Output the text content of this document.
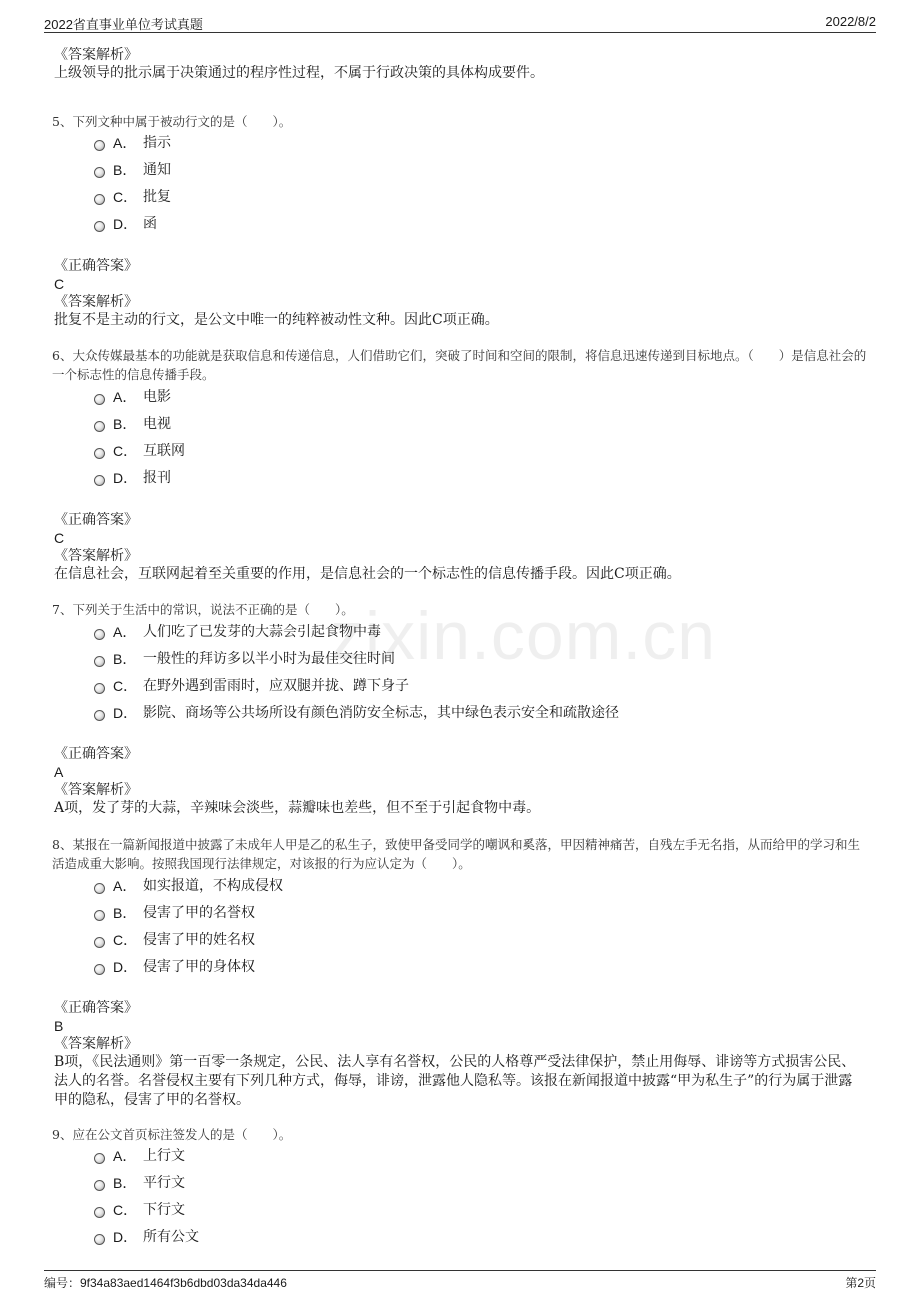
2022省直事业单位考试真题	2022/8/2
zixin.com.cn
《答案解析》
上级领导的批示属于决策通过的程序性过程，不属于行政决策的具体构成要件。
5、下列文种中属于被动行文的是（　　）。
A． 指示
B． 通知
C． 批复
D． 函
《正确答案》
C
《答案解析》
批复不是主动的行文，是公文中唯一的纯粹被动性文种。因此C项正确。
6、大众传媒最基本的功能就是获取信息和传递信息，人们借助它们，突破了时间和空间的限制，将信息迅速传递到目标地点。（　　）是信息社会的一个标志性的信息传播手段。
A． 电影
B． 电视
C． 互联网
D． 报刊
《正确答案》
C
《答案解析》
在信息社会，互联网起着至关重要的作用，是信息社会的一个标志性的信息传播手段。因此C项正确。
7、下列关于生活中的常识，说法不正确的是（　　）。
A． 人们吃了已发芽的大蒜会引起食物中毒
B． 一般性的拜访多以半小时为最佳交往时间
C． 在野外遇到雷雨时，应双腿并拢、蹲下身子
D． 影院、商场等公共场所设有颜色消防安全标志，其中绿色表示安全和疏散途径
《正确答案》
A
《答案解析》
A项，发了芽的大蒜，辛辣味会淡些，蒜瓣味也差些，但不至于引起食物中毒。
8、某报在一篇新闻报道中披露了未成年人甲是乙的私生子，致使甲备受同学的嘲讽和奚落，甲因精神痛苦，自残左手无名指，从而给甲的学习和生活造成重大影响。按照我国现行法律规定，对该报的行为应认定为（　　）。
A． 如实报道，不构成侵权
B． 侵害了甲的名誉权
C． 侵害了甲的姓名权
D． 侵害了甲的身体权
《正确答案》
B
《答案解析》
B项，《民法通则》第一百零一条规定，公民、法人享有名誉权，公民的人格尊严受法律保护，禁止用侮辱、诽谤等方式损害公民、法人的名誉。名誉侵权主要有下列几种方式，侮辱，诽谤，泄露他人隐私等。该报在新闻报道中披露“甲为私生子”的行为属于泄露甲的隐私，侵害了甲的名誉权。
9、应在公文首页标注签发人的是（　　）。
A． 上行文
B． 平行文
C． 下行文
D． 所有公文
编号：9f34a83aed1464f3b6dbd03da34da446	第2页
